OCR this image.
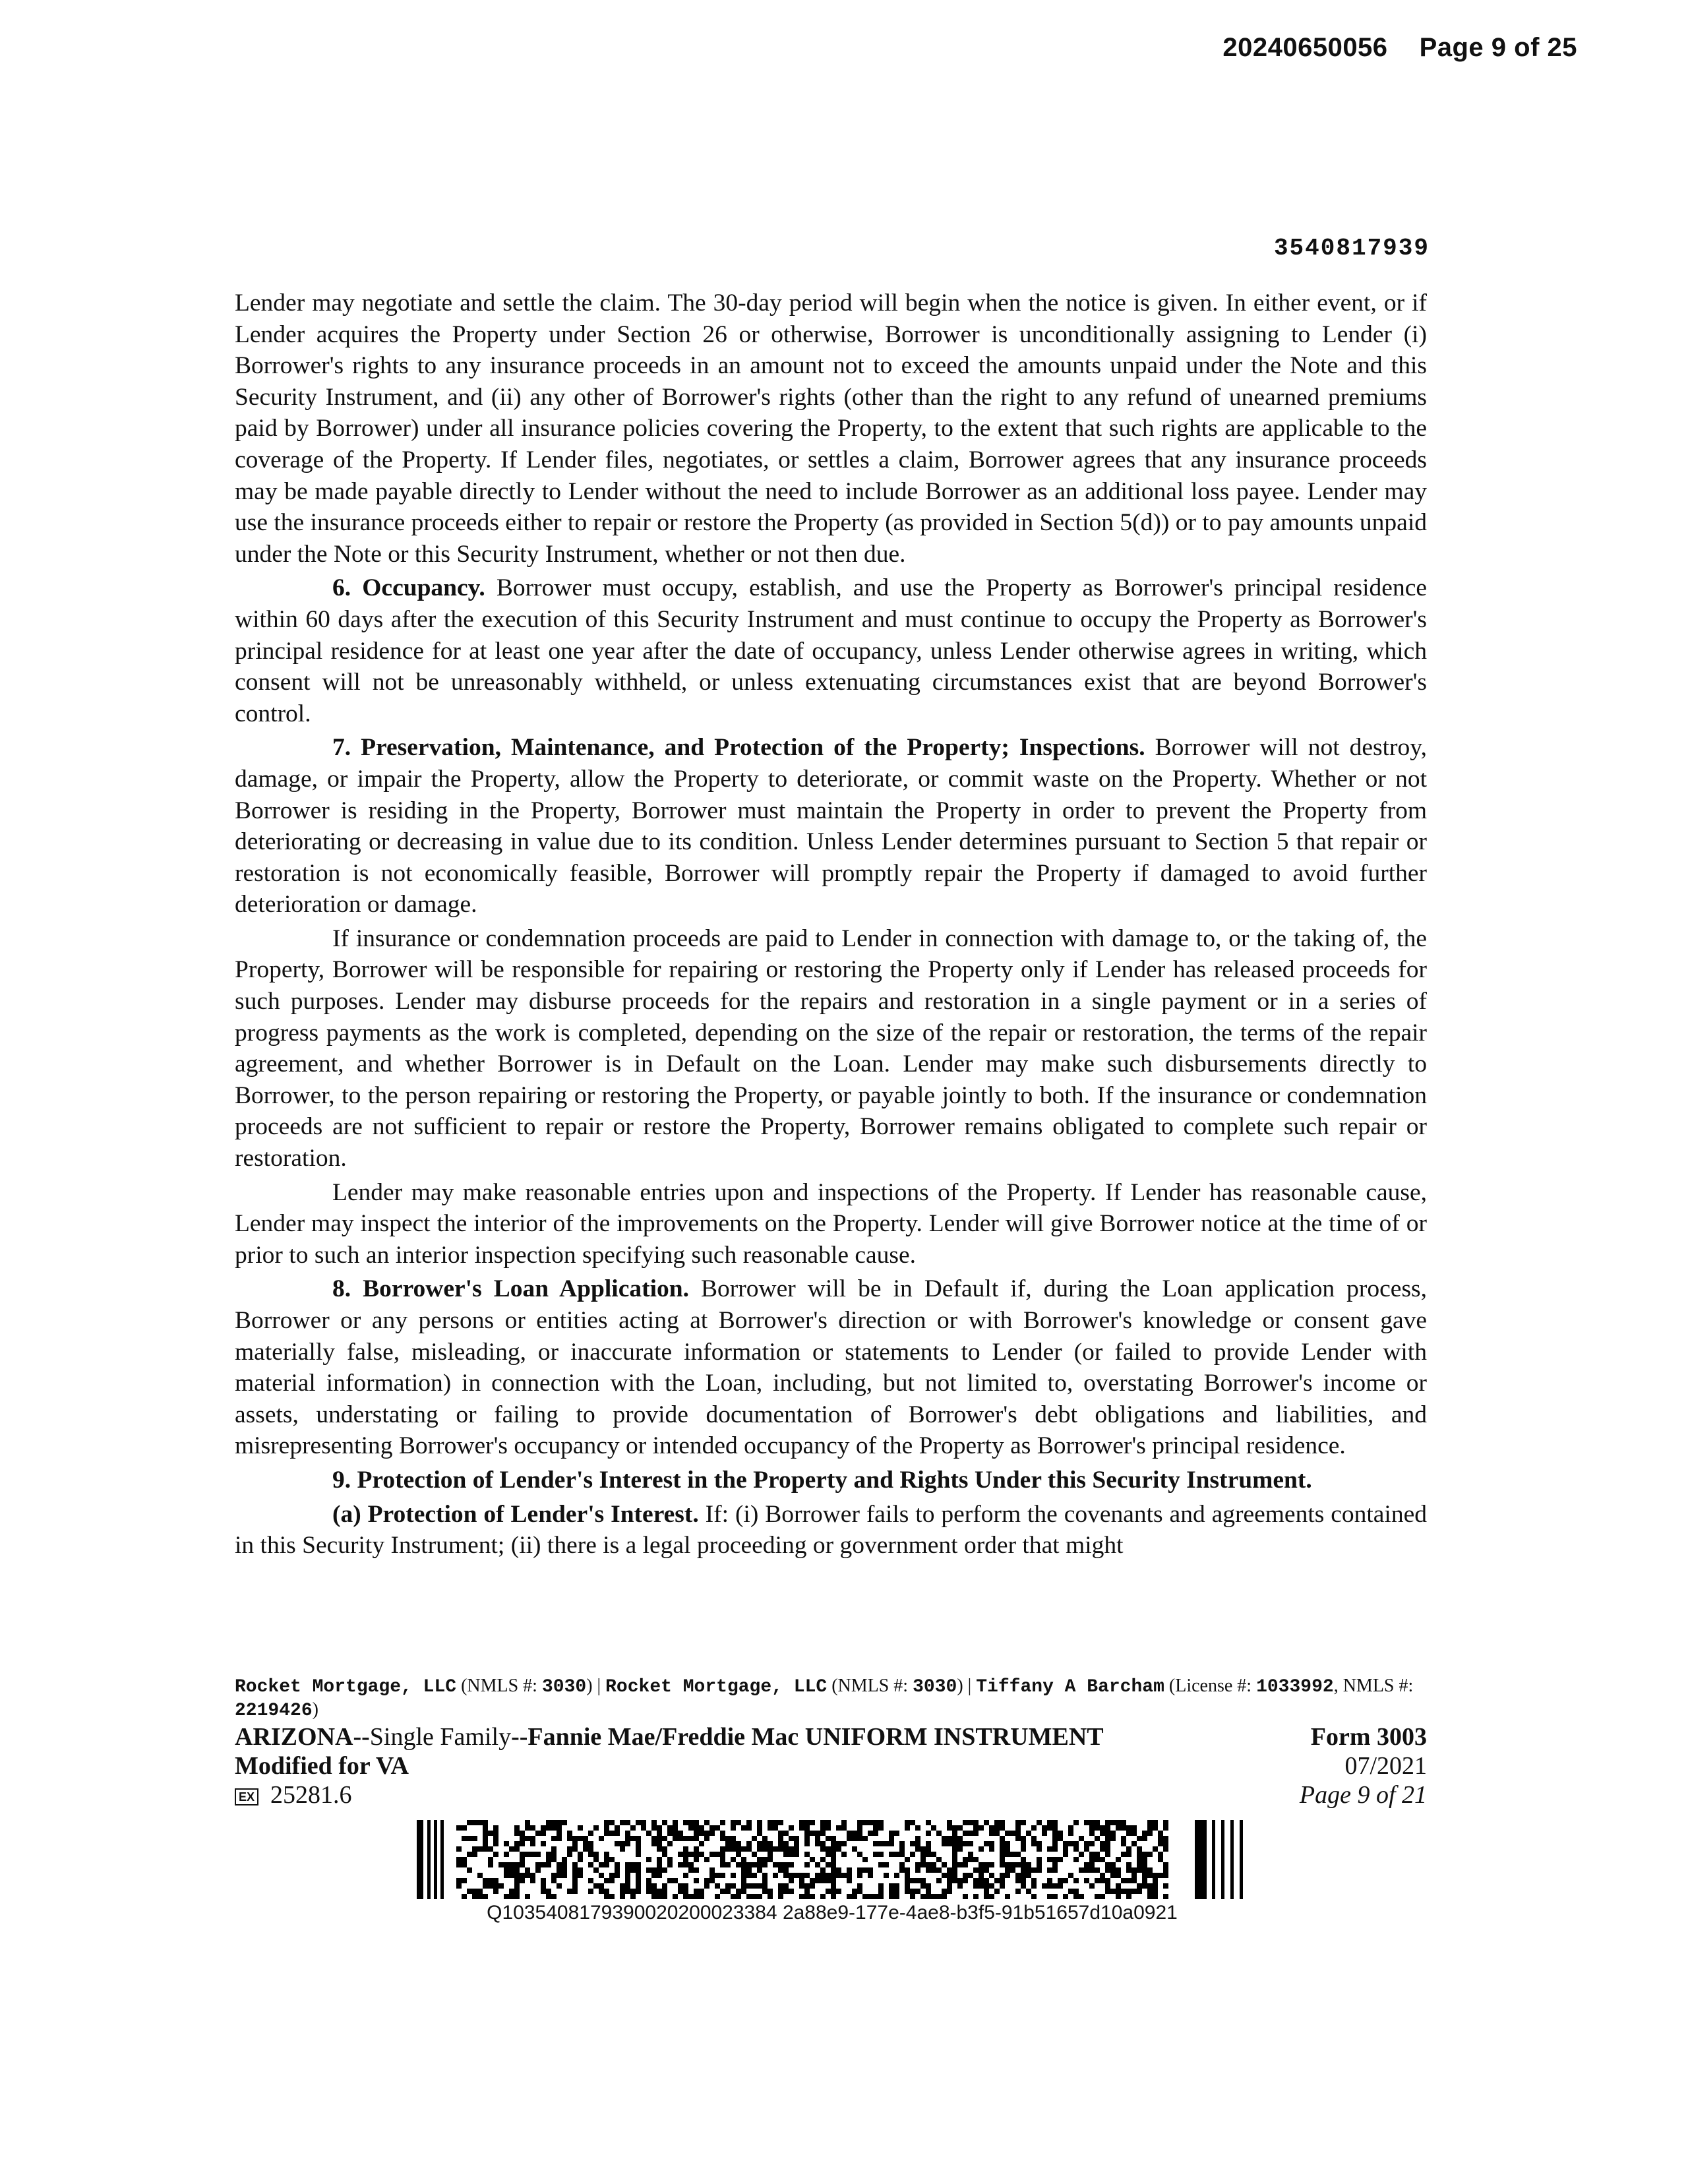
20240650056 Page 9 of 25
3540817939

Lender may negotiate and settle the claim. The 30-day period will begin when the notice is given. In either event, or if Lender acquires the Property under Section 26 or otherwise, Borrower is unconditionally assigning to Lender (i) Borrower's rights to any insurance proceeds in an amount not to exceed the amounts unpaid under the Note and this Security Instrument, and (ii) any other of Borrower's rights (other than the right to any refund of unearned premiums paid by Borrower) under all insurance policies covering the Property, to the extent that such rights are applicable to the coverage of the Property. If Lender files, negotiates, or settles a claim, Borrower agrees that any insurance proceeds may be made payable directly to Lender without the need to include Borrower as an additional loss payee. Lender may use the insurance proceeds either to repair or restore the Property (as provided in Section 5(d)) or to pay amounts unpaid under the Note or this Security Instrument, whether or not then due.

6. Occupancy. Borrower must occupy, establish, and use the Property as Borrower's principal residence within 60 days after the execution of this Security Instrument and must continue to occupy the Property as Borrower's principal residence for at least one year after the date of occupancy, unless Lender otherwise agrees in writing, which consent will not be unreasonably withheld, or unless extenuating circumstances exist that are beyond Borrower's control.

7. Preservation, Maintenance, and Protection of the Property; Inspections. Borrower will not destroy, damage, or impair the Property, allow the Property to deteriorate, or commit waste on the Property. Whether or not Borrower is residing in the Property, Borrower must maintain the Property in order to prevent the Property from deteriorating or decreasing in value due to its condition. Unless Lender determines pursuant to Section 5 that repair or restoration is not economically feasible, Borrower will promptly repair the Property if damaged to avoid further deterioration or damage.

If insurance or condemnation proceeds are paid to Lender in connection with damage to, or the taking of, the Property, Borrower will be responsible for repairing or restoring the Property only if Lender has released proceeds for such purposes. Lender may disburse proceeds for the repairs and restoration in a single payment or in a series of progress payments as the work is completed, depending on the size of the repair or restoration, the terms of the repair agreement, and whether Borrower is in Default on the Loan. Lender may make such disbursements directly to Borrower, to the person repairing or restoring the Property, or payable jointly to both. If the insurance or condemnation proceeds are not sufficient to repair or restore the Property, Borrower remains obligated to complete such repair or restoration.

Lender may make reasonable entries upon and inspections of the Property. If Lender has reasonable cause, Lender may inspect the interior of the improvements on the Property. Lender will give Borrower notice at the time of or prior to such an interior inspection specifying such reasonable cause.

8. Borrower's Loan Application. Borrower will be in Default if, during the Loan application process, Borrower or any persons or entities acting at Borrower's direction or with Borrower's knowledge or consent gave materially false, misleading, or inaccurate information or statements to Lender (or failed to provide Lender with material information) in connection with the Loan, including, but not limited to, overstating Borrower's income or assets, understating or failing to provide documentation of Borrower's debt obligations and liabilities, and misrepresenting Borrower's occupancy or intended occupancy of the Property as Borrower's principal residence.

9. Protection of Lender's Interest in the Property and Rights Under this Security Instrument.

(a) Protection of Lender's Interest. If: (i) Borrower fails to perform the covenants and agreements contained in this Security Instrument; (ii) there is a legal proceeding or government order that might

Rocket Mortgage, LLC (NMLS #: 3030) | Rocket Mortgage, LLC (NMLS #: 3030) | Tiffany A Barcham (License #: 1033992, NMLS #: 2219426)
ARIZONA--Single Family--Fannie Mae/Freddie Mac UNIFORM INSTRUMENT	Form 3003
Modified for VA	07/2021
EX 25281.6	Page 9 of 21
Q1035408179390020200023384 2a88e9-177e-4ae8-b3f5-91b51657d10a0921
